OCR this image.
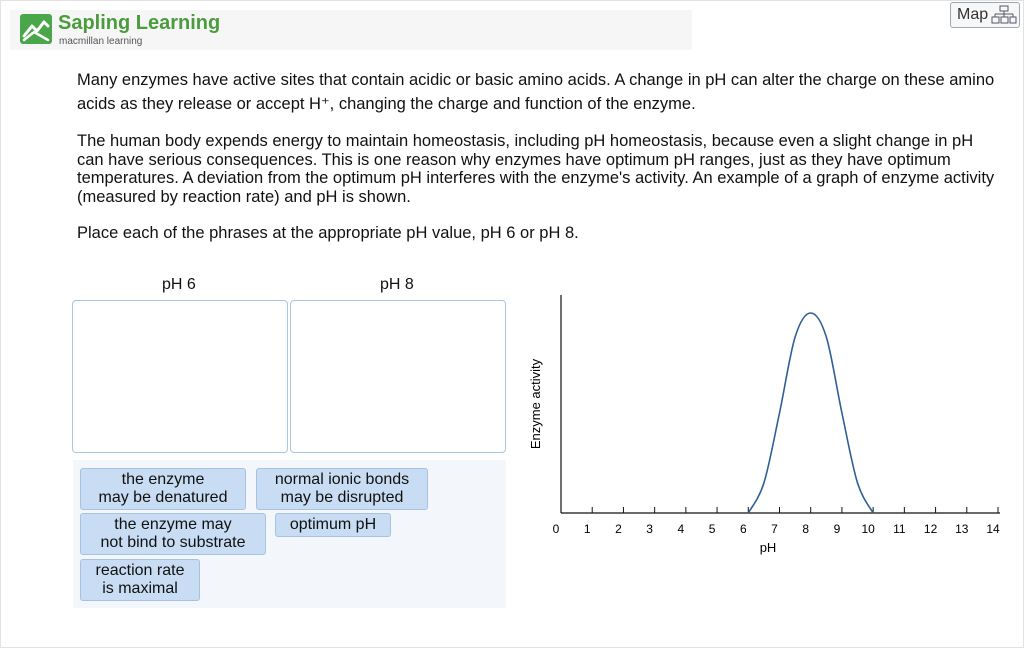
Sapling Learning
macmillan learning
Map
Many enzymes have active sites that contain acidic or basic amino acids. A change in pH can alter the charge on these amino acids as they release or accept H⁺, changing the charge and function of the enzyme.
The human body expends energy to maintain homeostasis, including pH homeostasis, because even a slight change in pH can have serious consequences. This is one reason why enzymes have optimum pH ranges, just as they have optimum temperatures. A deviation from the optimum pH interferes with the enzyme's activity. An example of a graph of enzyme activity (measured by reaction rate) and pH is shown.
Place each of the phrases at the appropriate pH value, pH 6 or pH 8.
pH 6	pH 8
the enzyme
may be denatured
normal ionic bonds
may be disrupted
the enzyme may
not bind to substrate
optimum pH
reaction rate
is maximal
Enzyme activity
pH
0 1 2 3 4 5 6 7 8 9 10 11 12 13 14
